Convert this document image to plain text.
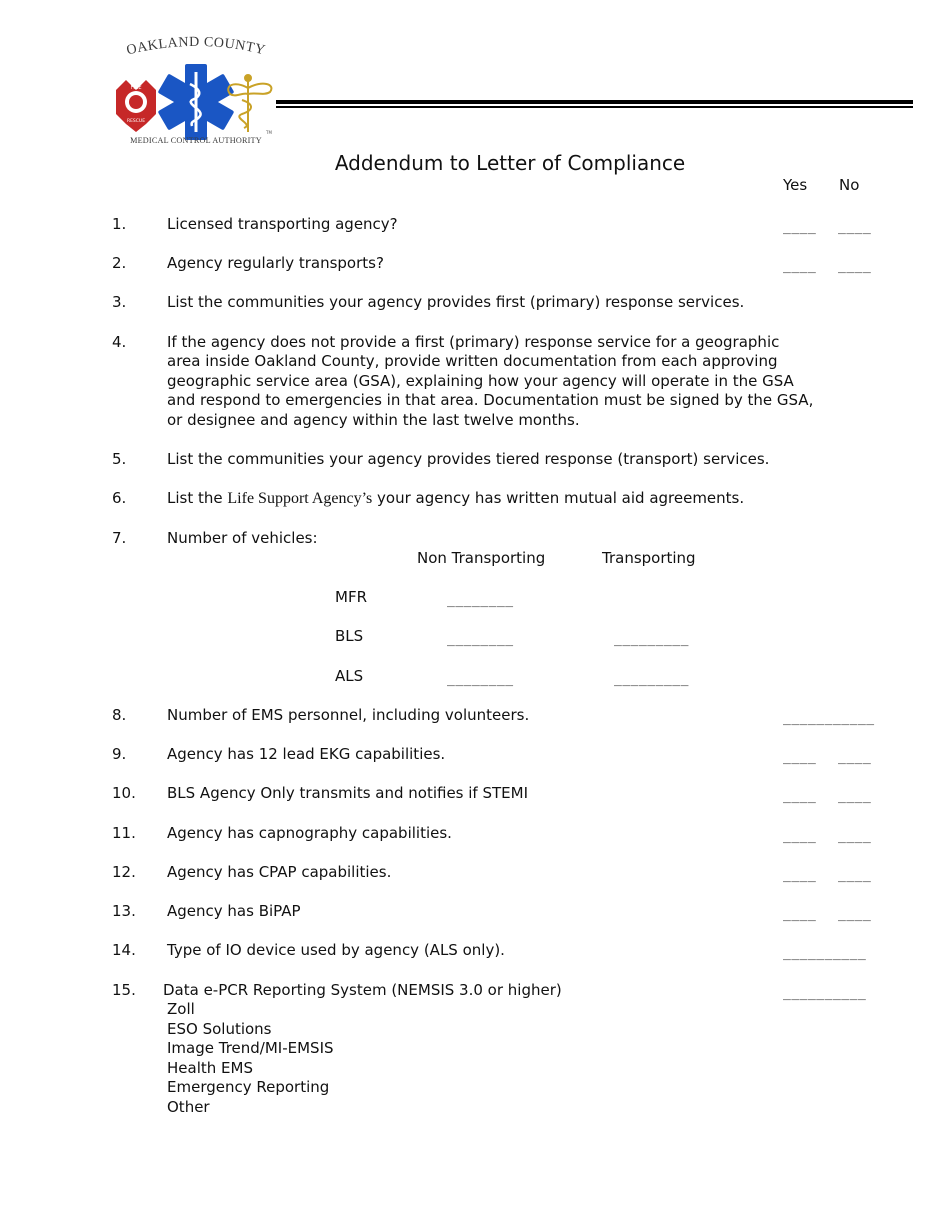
OAKLAND COUNTY
FIRE
RESCUE
MEDICAL CONTROL AUTHORITY
TM
Addendum to Letter of Compliance
Yes No
1.	Licensed transporting agency?	____ ____
2.	Agency regularly transports?	____ ____
3.	List the communities your agency provides first (primary) response services.
4.	If the agency does not provide a first (primary) response service for a geographic
area inside Oakland County, provide written documentation from each approving
geographic service area (GSA), explaining how your agency will operate in the GSA
and respond to emergencies in that area. Documentation must be signed by the GSA,
or designee and agency within the last twelve months.
5.	List the communities your agency provides tiered response (transport) services.
6.	List the Life Support Agency’s your agency has written mutual aid agreements.
7.	Number of vehicles:
Non Transporting	Transporting
MFR	________
BLS	________	_________
ALS	________	_________
8.	Number of EMS personnel, including volunteers.	___________
9.	Agency has 12 lead EKG capabilities.	____ ____
10. BLS Agency Only transmits and notifies if STEMI	____ ____
11. Agency has capnography capabilities.	____ ____
12. Agency has CPAP capabilities.	____ ____
13. Agency has BiPAP	____ ____
14. Type of IO device used by agency (ALS only).	__________
15. Data e-PCR Reporting System (NEMSIS 3.0 or higher)	__________
Zoll
ESO Solutions
Image Trend/MI-EMSIS
Health EMS
Emergency Reporting
Other
